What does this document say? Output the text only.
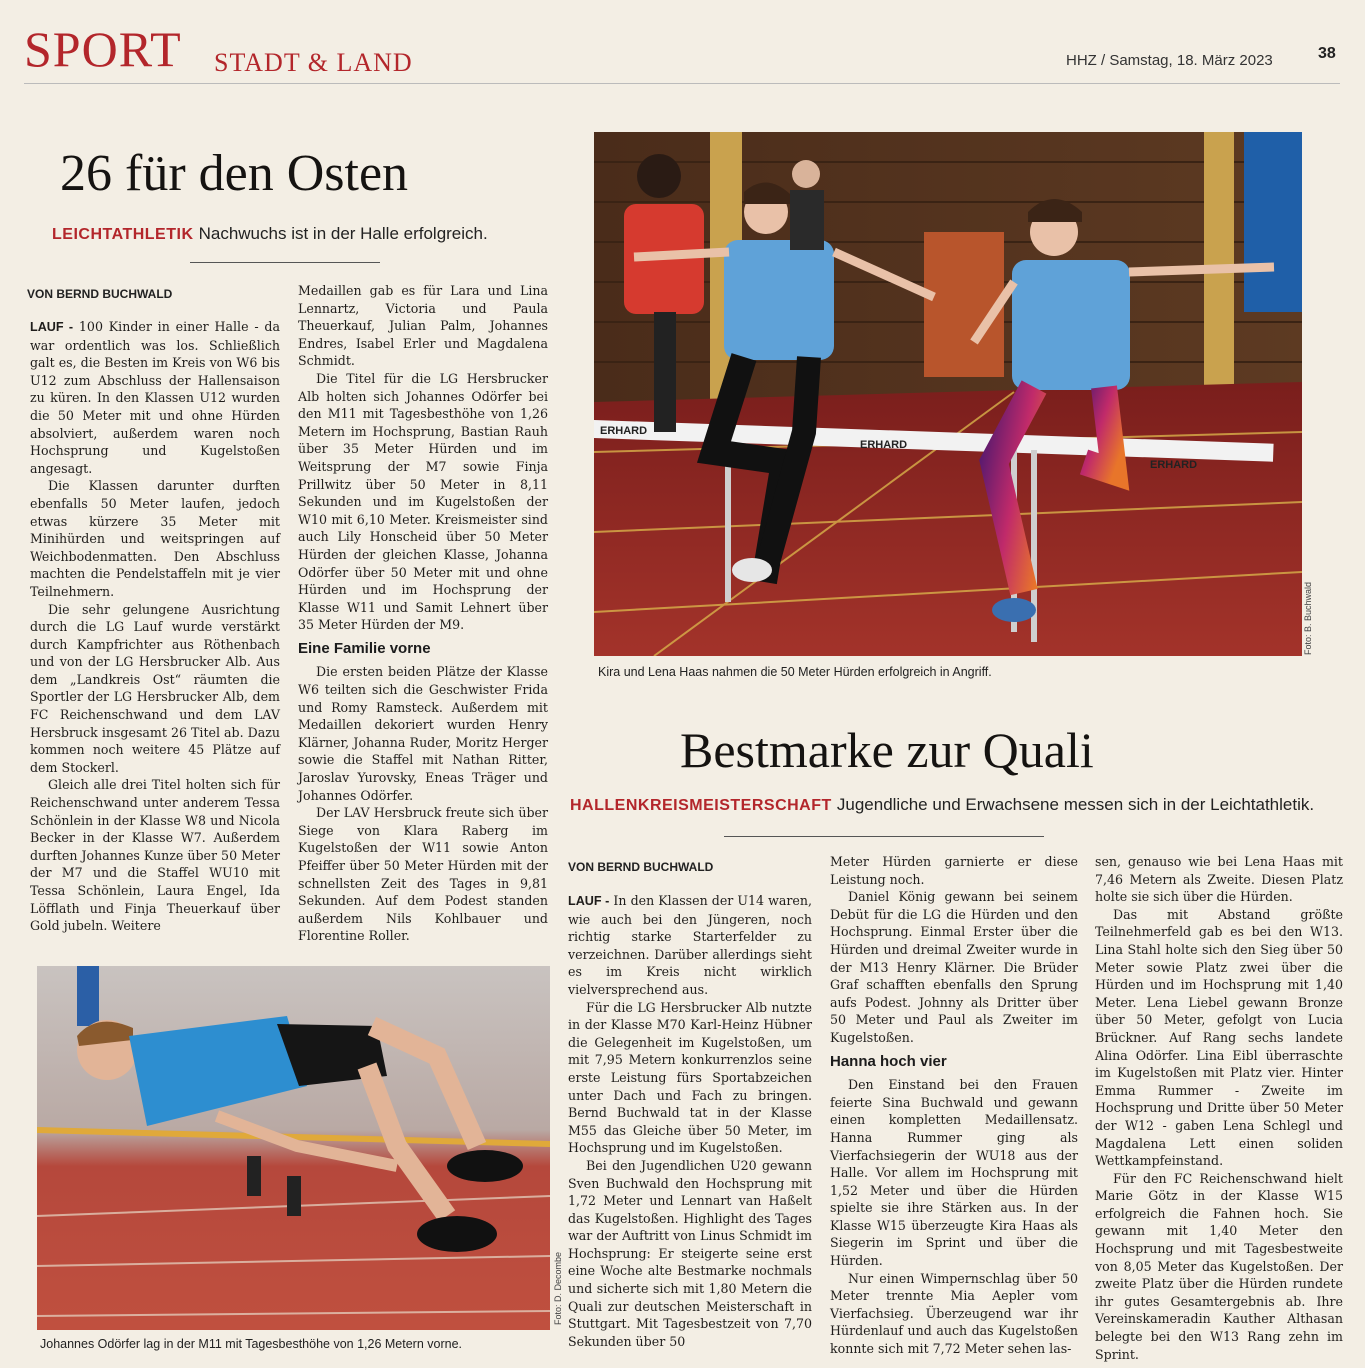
SPORT STADT & LAND	HHZ / Samstag, 18. März 2023	38
26 für den Osten
LEICHTATHLETIK Nachwuchs ist in der Halle erfolgreich.
VON BERND BUCHWALD

LAUF - 100 Kinder in einer Halle - da war ordentlich was los. Schließlich galt es, die Besten im Kreis von W6 bis U12 zum Abschluss der Hallensaison zu küren. In den Klassen U12 wurden die 50 Meter mit und ohne Hürden absolviert, außerdem waren noch Hochsprung und Kugelstoßen angesagt.

Die Klassen darunter durften ebenfalls 50 Meter laufen, jedoch etwas kürzere 35 Meter mit Minihürden und weitspringen auf Weichbodenmatten. Den Abschluss machten die Pendelstaffeln mit je vier Teilnehmern.

Die sehr gelungene Ausrichtung durch die LG Lauf wurde verstärkt durch Kampfrichter aus Röthenbach und von der LG Hersbrucker Alb. Aus dem „Landkreis Ost“ räumten die Sportler der LG Hersbrucker Alb, dem FC Reichenschwand und dem LAV Hersbruck insgesamt 26 Titel ab. Dazu kommen noch weitere 45 Plätze auf dem Stockerl.

Gleich alle drei Titel holten sich für Reichenschwand unter anderem Tessa Schönlein in der Klasse W8 und Nicola Becker in der Klasse W7. Außerdem durften Johannes Kunze über 50 Meter der M7 und die Staffel WU10 mit Tessa Schönlein, Laura Engel, Ida Löfflath und Finja Theuerkauf über Gold jubeln. Weitere

Medaillen gab es für Lara und Lina Lennartz, Victoria und Paula Theuerkauf, Julian Palm, Johannes Endres, Isabel Erler und Magdalena Schmidt.

Die Titel für die LG Hersbrucker Alb holten sich Johannes Odörfer bei den M11 mit Tagesbesthöhe von 1,26 Metern im Hochsprung, Bastian Rauh über 35 Meter Hürden und im Weitsprung der M7 sowie Finja Prillwitz über 50 Meter in 8,11 Sekunden und im Kugelstoßen der W10 mit 6,10 Meter. Kreismeister sind auch Lily Honscheid über 50 Meter Hürden der gleichen Klasse, Johanna Odörfer über 50 Meter mit und ohne Hürden und im Hochsprung der Klasse W11 und Samit Lehnert über 35 Meter Hürden der M9.

Eine Familie vorne

Die ersten beiden Plätze der Klasse W6 teilten sich die Geschwister Frida und Romy Ramsteck. Außerdem mit Medaillen dekoriert wurden Henry Klärner, Johanna Ruder, Moritz Herger sowie die Staffel mit Nathan Ritter, Jaroslav Yurovsky, Eneas Träger und Johannes Odörfer.

Der LAV Hersbruck freute sich über Siege von Klara Raberg im Kugelstoßen der W11 sowie Anton Pfeiffer über 50 Meter Hürden mit der schnellsten Zeit des Tages in 9,81 Sekunden. Auf dem Podest standen außerdem Nils Kohlbauer und Florentine Roller.

ERHARD
ERHARD
ERHARD
Foto: B. Buchwald
Kira und Lena Haas nahmen die 50 Meter Hürden erfolgreich in Angriff.
Foto: D. Decombe
Johannes Odörfer lag in der M11 mit Tagesbesthöhe von 1,26 Metern vorne.
Bestmarke zur Quali
HALLENKREISMEISTERSCHAFT Jugendliche und Erwachsene messen sich in der Leichtathletik.
VON BERND BUCHWALD

LAUF - In den Klassen der U14 waren, wie auch bei den Jüngeren, noch richtig starke Starterfelder zu verzeichnen. Darüber allerdings sieht es im Kreis nicht wirklich vielversprechend aus.

Für die LG Hersbrucker Alb nutzte in der Klasse M70 Karl-Heinz Hübner die Gelegenheit im Kugelstoßen, um mit 7,95 Metern konkurrenzlos seine erste Leistung fürs Sportabzeichen unter Dach und Fach zu bringen. Bernd Buchwald tat in der Klasse M55 das Gleiche über 50 Meter, im Hochsprung und im Kugelstoßen.

Bei den Jugendlichen U20 gewann Sven Buchwald den Hochsprung mit 1,72 Meter und Lennart van Haßelt das Kugelstoßen. Highlight des Tages war der Auftritt von Linus Schmidt im Hochsprung: Er steigerte seine erst eine Woche alte Bestmarke nochmals und sicherte sich mit 1,80 Metern die Quali zur deutschen Meisterschaft in Stuttgart. Mit Tagesbestzeit von 7,70 Sekunden über 50

Meter Hürden garnierte er diese Leistung noch.

Daniel König gewann bei seinem Debüt für die LG die Hürden und den Hochsprung. Einmal Erster über die Hürden und dreimal Zweiter wurde in der M13 Henry Klärner. Die Brüder Graf schafften ebenfalls den Sprung aufs Podest. Johnny als Dritter über 50 Meter und Paul als Zweiter im Kugelstoßen.

Hanna hoch vier

Den Einstand bei den Frauen feierte Sina Buchwald und gewann einen kompletten Medaillensatz. Hanna Rummer ging als Vierfachsiegerin der WU18 aus der Halle. Vor allem im Hochsprung mit 1,52 Meter und über die Hürden spielte sie ihre Stärken aus. In der Klasse W15 überzeugte Kira Haas als Siegerin im Sprint und über die Hürden.

Nur einen Wimpernschlag über 50 Meter trennte Mia Aepler vom Vierfachsieg. Überzeugend war ihr Hürdenlauf und auch das Kugelstoßen konnte sich mit 7,72 Meter sehen las-

sen, genauso wie bei Lena Haas mit 7,46 Metern als Zweite. Diesen Platz holte sie sich über die Hürden.

Das mit Abstand größte Teilnehmerfeld gab es bei den W13. Lina Stahl holte sich den Sieg über 50 Meter sowie Platz zwei über die Hürden und im Hochsprung mit 1,40 Meter. Lena Liebel gewann Bronze über 50 Meter, gefolgt von Lucia Brückner. Auf Rang sechs landete Alina Odörfer. Lina Eibl überraschte im Kugelstoßen mit Platz vier. Hinter Emma Rummer - Zweite im Hochsprung und Dritte über 50 Meter der W12 - gaben Lena Schlegl und Magdalena Lett einen soliden Wettkampfeinstand.

Für den FC Reichenschwand hielt Marie Götz in der Klasse W15 erfolgreich die Fahnen hoch. Sie gewann mit 1,40 Meter den Hochsprung und mit Tagesbestweite von 8,05 Meter das Kugelstoßen. Der zweite Platz über die Hürden rundete ihr gutes Gesamtergebnis ab. Ihre Vereinskameradin Kauther Althasan belegte bei den W13 Rang zehn im Sprint.
